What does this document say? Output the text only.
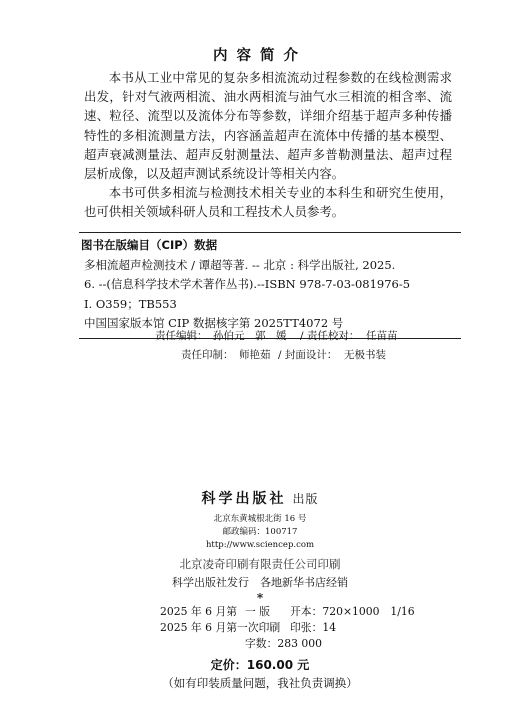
内容简介

本书从工业中常见的复杂多相流流动过程参数的在线检测需求出发，针对气液两相流、油水两相流与油气水三相流的相含率、流速、粒径、流型以及流体分布等参数，详细介绍基于超声多种传播特性的多相流测量方法，内容涵盖超声在流体中传播的基本模型、超声衰减测量法、超声反射测量法、超声多普勒测量法、超声过程层析成像，以及超声测试系统设计等相关内容。

本书可供多相流与检测技术相关专业的本科生和研究生使用，也可供相关领域科研人员和工程技术人员参考。

图书在版编目（CIP）数据
多相流超声检测技术 / 谭超等著. -- 北京 : 科学出版社, 2025.
6. --(信息科学技术学术著作丛书).--ISBN 978-7-03-081976-5
Ⅰ. O359；TB553
中国国家版本馆 CIP 数据核字第 2025TT4072 号
责任编辑： 孙伯元　郭　媛 / 责任校对： 任苗苗
责任印制： 师艳茹 / 封面设计： 无极书装
科学出版社 出版
北京东黄城根北街 16 号
邮政编码：100717
http://www.sciencep.com
北京凌奇印刷有限责任公司印刷
科学出版社发行　各地新华书店经销
*
2025 年 6 月第 一 版 开本：720×1000　1/16
2025 年 6 月第一次印刷 印张：14
字数：283 000
定价：160.00 元
（如有印装质量问题，我社负责调换）
